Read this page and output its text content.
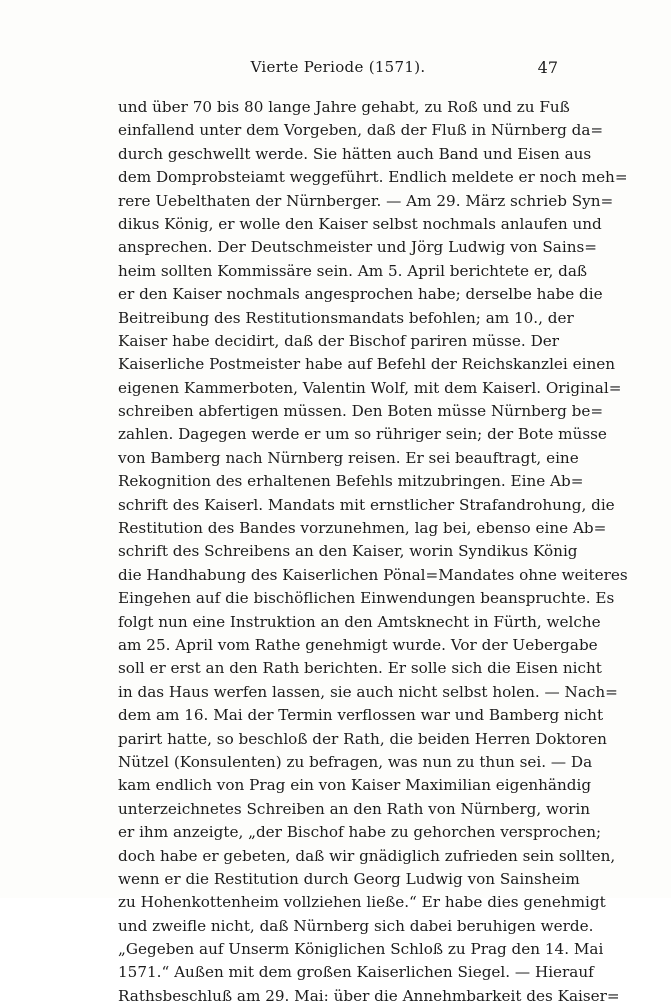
Vierte Periode (1571).	47
und über 70 bis 80 lange Jahre gehabt, zu Roß und zu Fuß
einfallend unter dem Vorgeben, daß der Fluß in Nürnberg da=
durch geschwellt werde. Sie hätten auch Band und Eisen aus
dem Domprobsteiamt weggeführt. Endlich meldete er noch meh=
rere Uebelthaten der Nürnberger. — Am 29. März schrieb Syn=
dikus König, er wolle den Kaiser selbst nochmals anlaufen und
ansprechen. Der Deutschmeister und Jörg Ludwig von Sains=
heim sollten Kommissäre sein. Am 5. April berichtete er, daß
er den Kaiser nochmals angesprochen habe; derselbe habe die
Beitreibung des Restitutionsmandats befohlen; am 10., der
Kaiser habe decidirt, daß der Bischof pariren müsse. Der
Kaiserliche Postmeister habe auf Befehl der Reichskanzlei einen
eigenen Kammerboten, Valentin Wolf, mit dem Kaiserl. Original=
schreiben abfertigen müssen. Den Boten müsse Nürnberg be=
zahlen. Dagegen werde er um so rühriger sein; der Bote müsse
von Bamberg nach Nürnberg reisen. Er sei beauftragt, eine
Rekognition des erhaltenen Befehls mitzubringen. Eine Ab=
schrift des Kaiserl. Mandats mit ernstlicher Strafandrohung, die
Restitution des Bandes vorzunehmen, lag bei, ebenso eine Ab=
schrift des Schreibens an den Kaiser, worin Syndikus König
die Handhabung des Kaiserlichen Pönal=Mandates ohne weiteres
Eingehen auf die bischöflichen Einwendungen beanspruchte. Es
folgt nun eine Instruktion an den Amtsknecht in Fürth, welche
am 25. April vom Rathe genehmigt wurde. Vor der Uebergabe
soll er erst an den Rath berichten. Er solle sich die Eisen nicht
in das Haus werfen lassen, sie auch nicht selbst holen. — Nach=
dem am 16. Mai der Termin verflossen war und Bamberg nicht
parirt hatte, so beschloß der Rath, die beiden Herren Doktoren
Nützel (Konsulenten) zu befragen, was nun zu thun sei. — Da
kam endlich von Prag ein von Kaiser Maximilian eigenhändig
unterzeichnetes Schreiben an den Rath von Nürnberg, worin
er ihm anzeigte, „der Bischof habe zu gehorchen versprochen;
doch habe er gebeten, daß wir gnädiglich zufrieden sein sollten,
wenn er die Restitution durch Georg Ludwig von Sainsheim
zu Hohenkottenheim vollziehen ließe.“ Er habe dies genehmigt
und zweifle nicht, daß Nürnberg sich dabei beruhigen werde.
„Gegeben auf Unserm Königlichen Schloß zu Prag den 14. Mai
1571.“ Außen mit dem großen Kaiserlichen Siegel. — Hierauf
Rathsbeschluß am 29. Mai: über die Annehmbarkeit des Kaiser=
